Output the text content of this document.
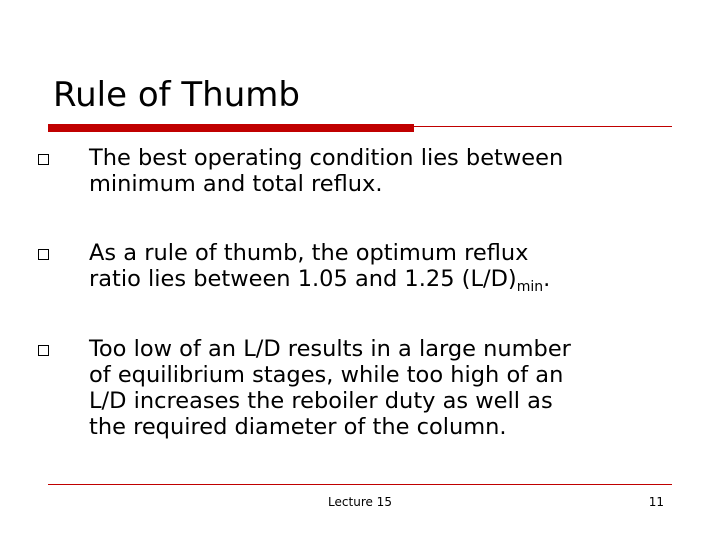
Rule of Thumb
The best operating condition lies between
minimum and total reflux.
As a rule of thumb, the optimum reflux
ratio lies between 1.05 and 1.25 $(L/D)_{min}$.
Too low of an L/D results in a large number
of equilibrium stages, while too high of an
L/D increases the reboiler duty as well as
the required diameter of the column.
Lecture 15	11
